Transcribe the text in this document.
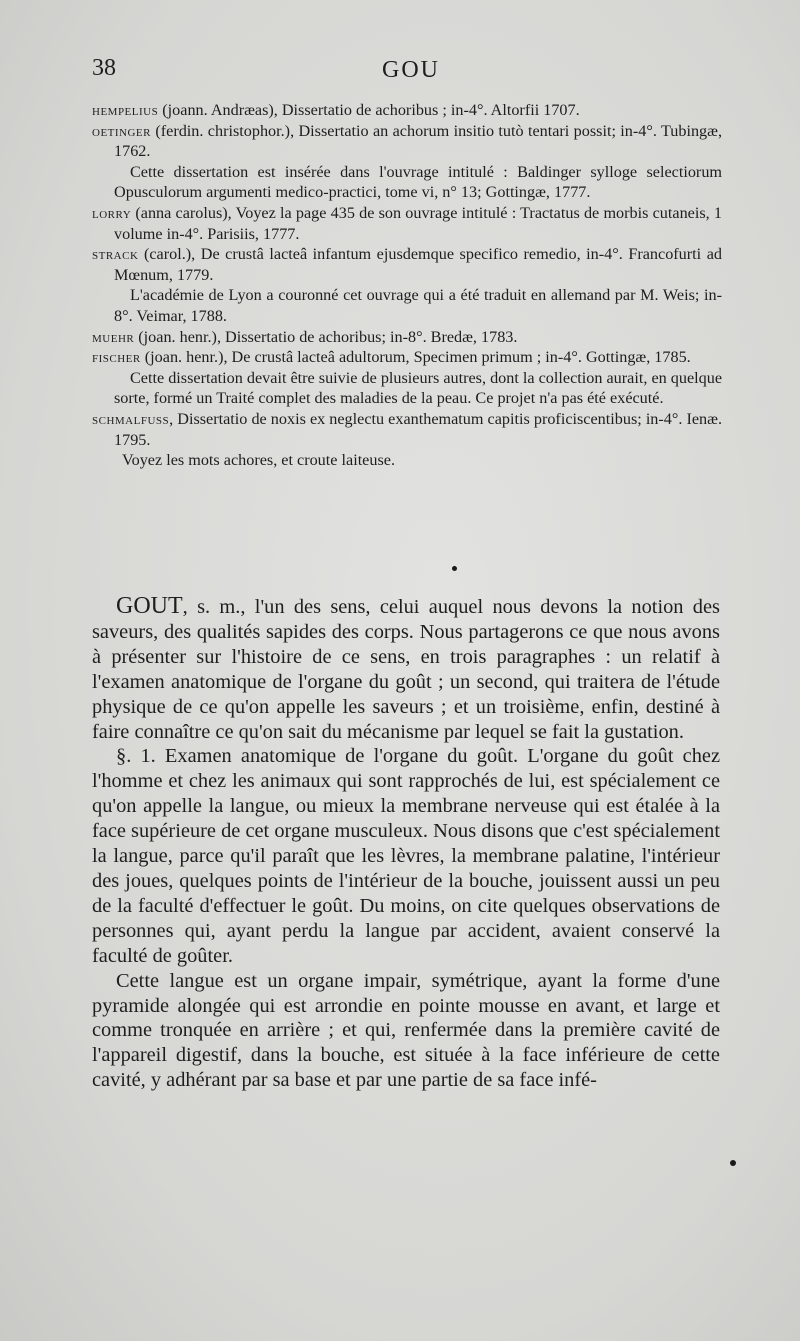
38	GOU

hempelius (joann. Andræas), Dissertatio de achoribus ; in-4°. Altorfii 1707.

oetinger (ferdin. christophor.), Dissertatio an achorum insitio tutò tentari possit; in-4°. Tubingæ, 1762.

Cette dissertation est insérée dans l'ouvrage intitulé : Baldinger sylloge selectiorum Opusculorum argumenti medico-practici, tome vi, n° 13; Gottingæ, 1777.

lorry (anna carolus), Voyez la page 435 de son ouvrage intitulé : Tractatus de morbis cutaneis, 1 volume in-4°. Parisiis, 1777.

strack (carol.), De crustâ lacteâ infantum ejusdemque specifico remedio, in-4°. Francofurti ad Mœnum, 1779.

L'académie de Lyon a couronné cet ouvrage qui a été traduit en allemand par M. Weis; in-8°. Veimar, 1788.

muehr (joan. henr.), Dissertatio de achoribus; in-8°. Bredæ, 1783.

fischer (joan. henr.), De crustâ lacteâ adultorum, Specimen primum ; in-4°. Gottingæ, 1785.

Cette dissertation devait être suivie de plusieurs autres, dont la collection aurait, en quelque sorte, formé un Traité complet des maladies de la peau. Ce projet n'a pas été exécuté.

schmalfuss, Dissertatio de noxis ex neglectu exanthematum capitis proficiscentibus; in-4°. Ienæ. 1795.

Voyez les mots achores, et croute laiteuse.

GOUT, s. m., l'un des sens, celui auquel nous devons la notion des saveurs, des qualités sapides des corps. Nous partagerons ce que nous avons à présenter sur l'histoire de ce sens, en trois paragraphes : un relatif à l'examen anatomique de l'organe du goût ; un second, qui traitera de l'étude physique de ce qu'on appelle les saveurs ; et un troisième, enfin, destiné à faire connaître ce qu'on sait du mécanisme par lequel se fait la gustation.

§. 1. Examen anatomique de l'organe du goût. L'organe du goût chez l'homme et chez les animaux qui sont rapprochés de lui, est spécialement ce qu'on appelle la langue, ou mieux la membrane nerveuse qui est étalée à la face supérieure de cet organe musculeux. Nous disons que c'est spécialement la langue, parce qu'il paraît que les lèvres, la membrane palatine, l'intérieur des joues, quelques points de l'intérieur de la bouche, jouissent aussi un peu de la faculté d'effectuer le goût. Du moins, on cite quelques observations de personnes qui, ayant perdu la langue par accident, avaient conservé la faculté de goûter.

Cette langue est un organe impair, symétrique, ayant la forme d'une pyramide alongée qui est arrondie en pointe mousse en avant, et large et comme tronquée en arrière ; et qui, renfermée dans la première cavité de l'appareil digestif, dans la bouche, est située à la face inférieure de cette cavité, y adhérant par sa base et par une partie de sa face infé-
